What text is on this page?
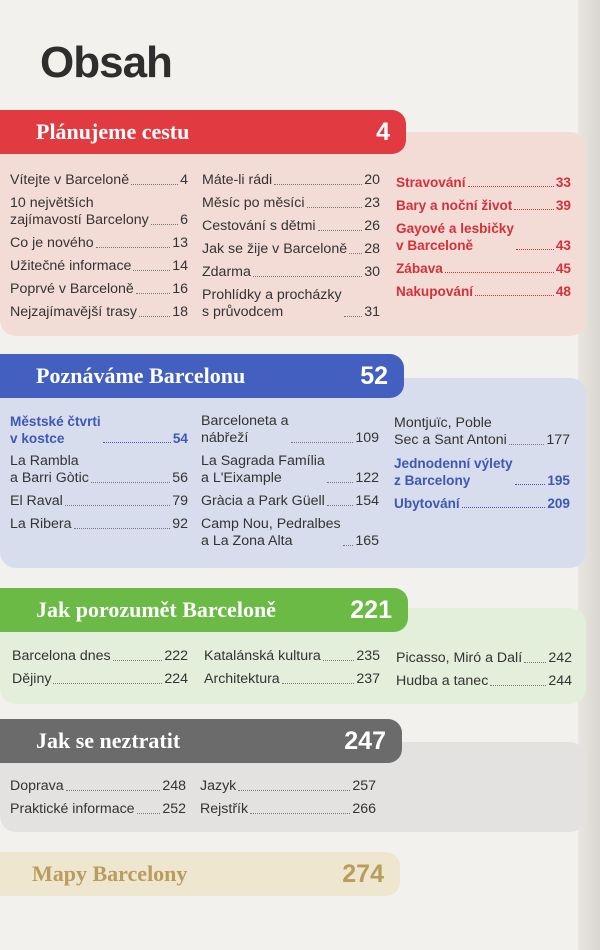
Obsah
Plánujeme cestu	4
Vítejte v Barceloně	4
10 největších
zajímavostí Barcelony 6
Co je nového	13
Užitečné informace	14
Poprvé v Barceloně	16
Nejzajímavější trasy 18
Máte-li rádi	20
Měsíc po měsíci	23
Cestování s dětmi	26
Jak se žije v Barceloně 28
Zdarma	30
Prohlídky a procházky
s průvodcem	31
Stravování	33
Bary a noční život	39
Gayové a lesbičky
v Barceloně	43
Zábava	45
Nakupování	48
Poznáváme Barcelonu	52
Městské čtvrti
v kostce	54
La Rambla
a Barri Gòtic	56
El Raval	79
La Ribera	92
Barceloneta a
nábřeží	109
La Sagrada Família
a L'Eixample	122
Gràcia a Park Güell 154
Camp Nou, Pedralbes
a La Zona Alta	165
Montjuïc, Poble
Sec a Sant Antoni	177
Jednodenní výlety
z Barcelony	195
Ubytování	209
Jak porozumět Barceloně	221
Barcelona dnes	222
Dějiny	224
Katalánská kultura	235
Architektura	237
Picasso, Miró a Dalí 242
Hudba a tanec	244
Jak se neztratit	247
Doprava	248
Praktické informace 252
Jazyk	257
Rejstřík	266
Mapy Barcelony	274
